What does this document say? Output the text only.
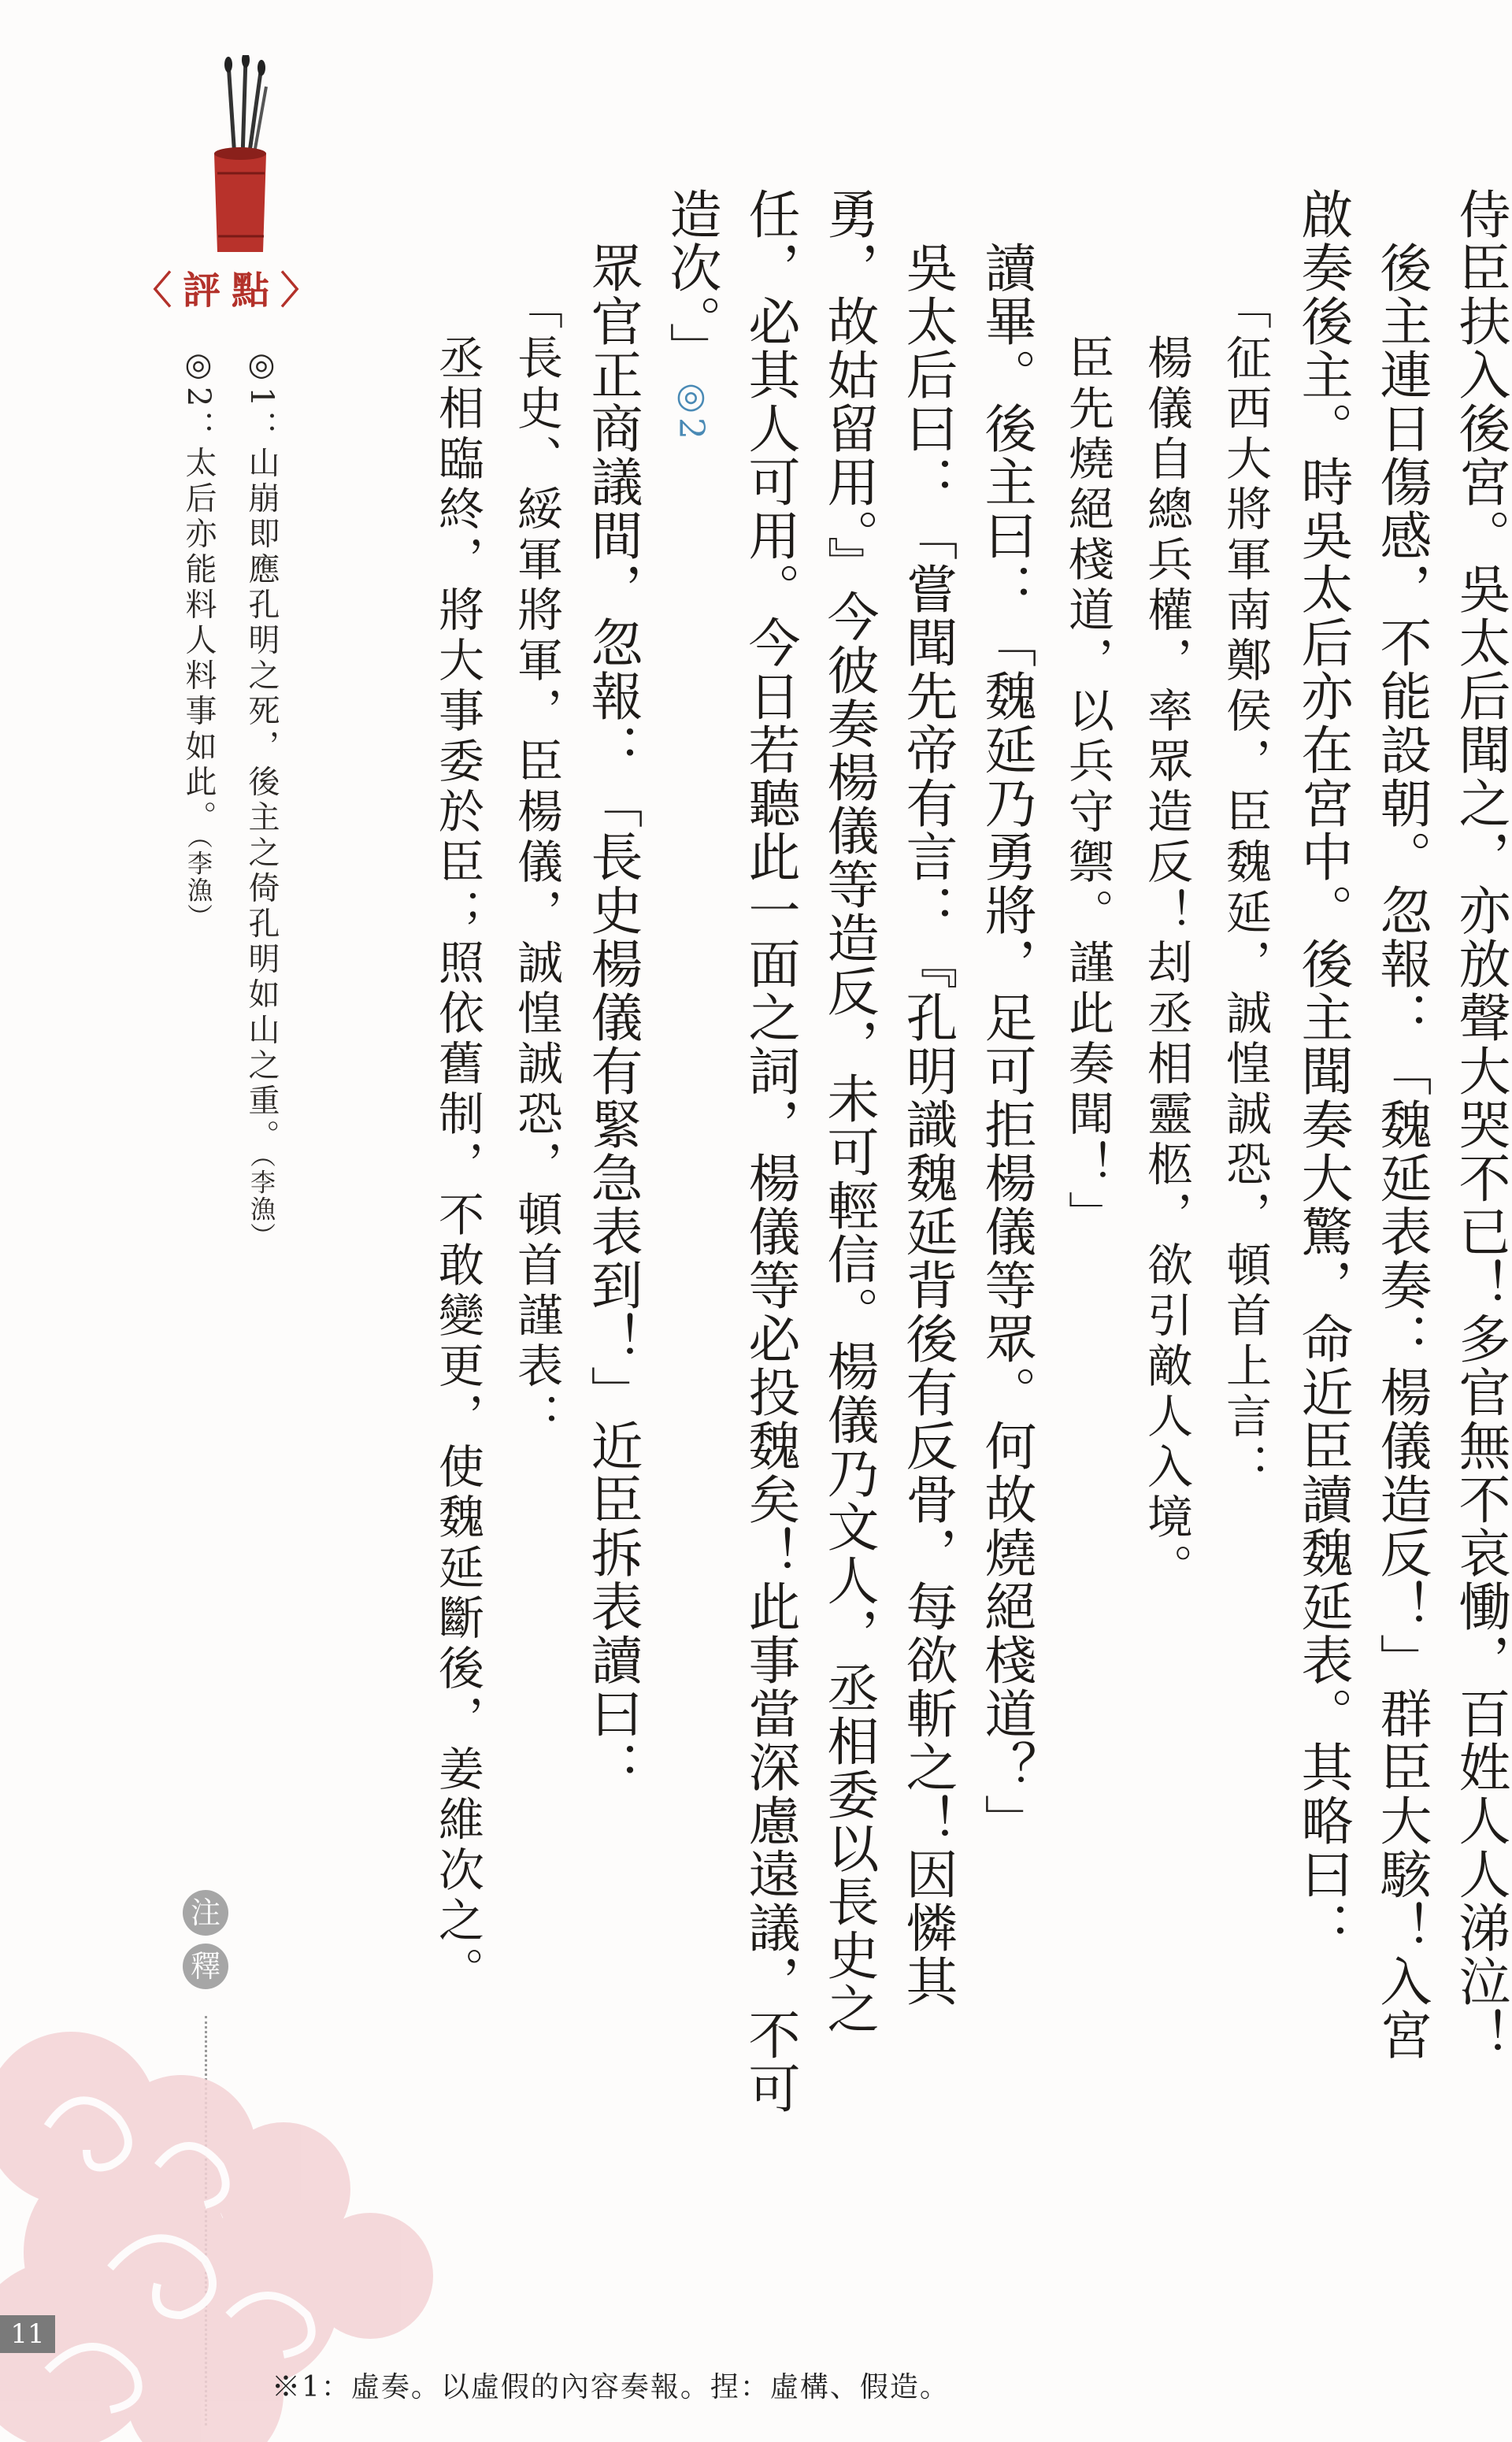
侍臣扶入後宮。吳太后聞之，亦放聲大哭不已！多官無不哀慟，百姓人人涕泣！
　後主連日傷感，不能設朝。忽報：「魏延表奏：楊儀造反！」群臣大駭！入宮
啟奏後主。時吳太后亦在宮中。後主聞奏大驚，命近臣讀魏延表。其略曰：
「征西大將軍南鄭侯，臣魏延，誠惶誠恐，頓首上言：
　楊儀自總兵權，率眾造反！刦丞相靈柩，欲引敵人入境。
　臣先燒絕棧道，以兵守禦。謹此奏聞！」
　讀畢。後主曰：「魏延乃勇將，足可拒楊儀等眾。何故燒絕棧道？」
　吳太后曰：「嘗聞先帝有言：『孔明識魏延背後有反骨，每欲斬之！因憐其
勇，故姑留用。』今彼奏楊儀等造反，未可輕信。楊儀乃文人，丞相委以長史之
任，必其人可用。今日若聽此一面之詞，楊儀等必投魏矣！此事當深慮遠議，不可
造次。」◎2
　眾官正商議間，忽報：「長史楊儀有緊急表到！」近臣拆表讀曰：
「長史、綏軍將軍，臣楊儀，誠惶誠恐，頓首謹表：
　丞相臨終，將大事委於臣；照依舊制，不敢變更，使魏延斷後，姜維次之。
〈評點〉
◎1：山崩即應孔明之死，後主之倚孔明如山之重。（李漁）
◎2：太后亦能料人料事如此。（李漁）
注
釋
11
※1：虛奏。以虛假的內容奏報。捏：虛構、假造。
